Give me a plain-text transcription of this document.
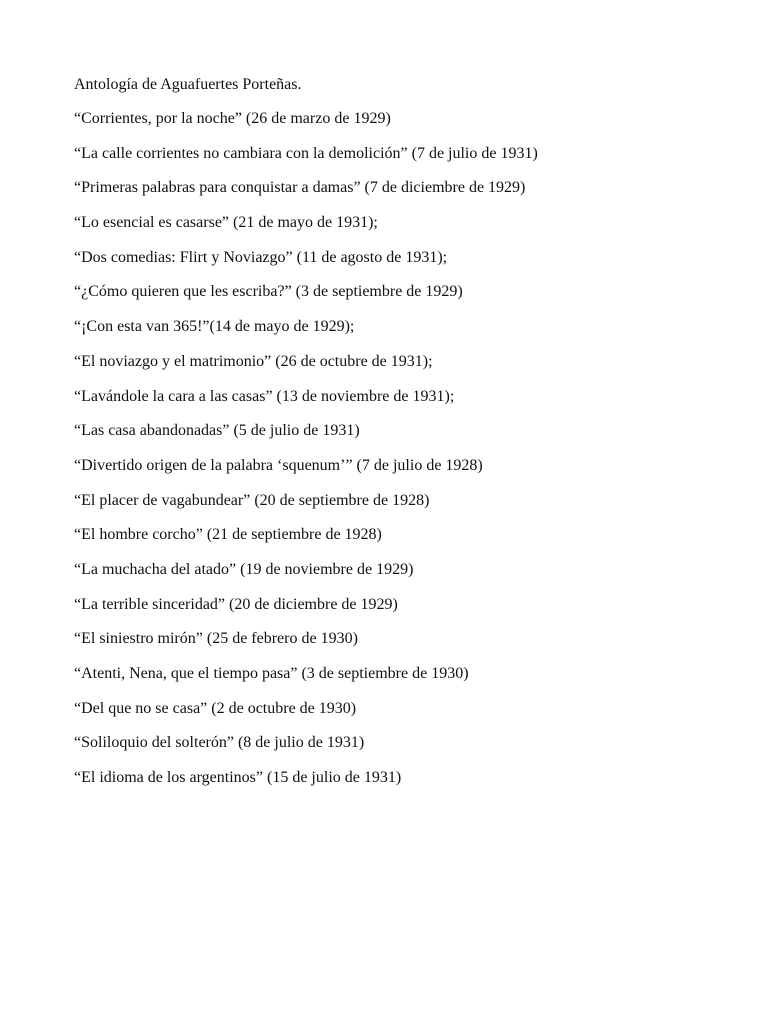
Antología de Aguafuertes Porteñas.
“Corrientes, por la noche” (26 de marzo de 1929)
“La calle corrientes no cambiara con la demolición” (7 de julio de 1931)
“Primeras palabras para conquistar a damas” (7 de diciembre de 1929)
“Lo esencial es casarse” (21 de mayo de 1931);
“Dos comedias: Flirt y Noviazgo” (11 de agosto de 1931);
“¿Cómo quieren que les escriba?” (3 de septiembre de 1929)
“¡Con esta van 365!”(14 de mayo de 1929);
“El noviazgo y el matrimonio” (26 de octubre de 1931);
“Lavándole la cara a las casas” (13 de noviembre de 1931);
“Las casa abandonadas” (5 de julio de 1931)
“Divertido origen de la palabra ‘squenum’” (7 de julio de 1928)
“El placer de vagabundear” (20 de septiembre de 1928)
“El hombre corcho” (21 de septiembre de 1928)
“La muchacha del atado” (19 de noviembre de 1929)
“La terrible sinceridad” (20 de diciembre de 1929)
“El siniestro mirón” (25 de febrero de 1930)
“Atenti, Nena, que el tiempo pasa” (3 de septiembre de 1930)
“Del que no se casa” (2 de octubre de 1930)
“Soliloquio del solterón” (8 de julio de 1931)
“El idioma de los argentinos” (15 de julio de 1931)
